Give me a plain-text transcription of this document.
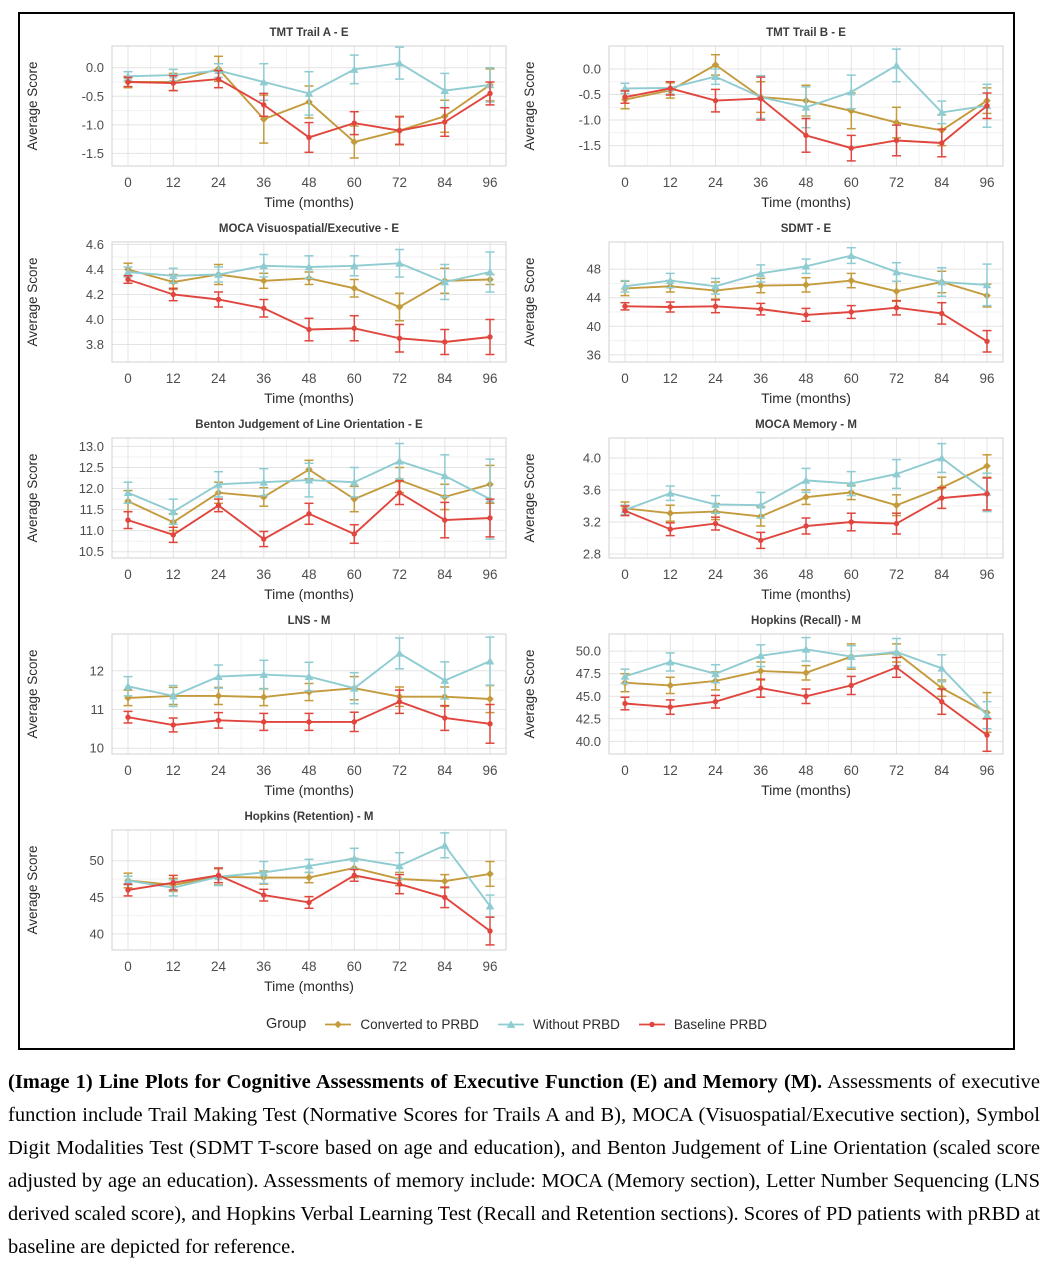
TMT Trail A - E
Average Score	0.0
-0.5
-1.0
-1.5
0	12 24 36 48 60 72 84 96
Time (months)
TMT Trail B - E
Average Score	0.0
-0.5
-1.0
-1.5
0	12 24 36 48 60 72 84 96
Time (months)
MOCA Visuospatial/Executive - E
Average Score
4.6
4.4
4.2
4.0
3.8
0	12 24 36 48 60 72 84 96
Time (months)
SDMT - E
Average Score	48
44
40
36
0	12 24 36 48 60 72 84 96
Time (months)
Benton Judgement of Line Orientation - E
Average Score
13.0
12.5
12.0
11.5
11.0
10.5
0	12 24 36 48 60 72 84 96
Time (months)
MOCA Memory - M
Average Score	4.0
3.6
3.2
2.8
0	12 24 36 48 60 72 84 96
Time (months)
LNS - M
Average Score	12
11
10
0	12 24 36 48 60 72 84 96
Time (months)
Hopkins (Recall) - M
Average Score	50.0
47.5
45.0
42.5
40.0
0	12 24 36 48 60 72 84 96
Time (months)
Hopkins (Retention) - M
Average Score	50
45
40
0	12 24 36 48 60 72 84 96
Time (months)
Group	Converted to PRBD	Without PRBD	Baseline PRBD
(Image 1) Line Plots for Cognitive Assessments of Executive Function (E) and Memory (M). Assessments of executive function include Trail Making Test (Normative Scores for Trails A and B), MOCA (Visuospatial/Executive section), Symbol Digit Modalities Test (SDMT T-score based on age and education), and Benton Judgement of Line Orientation (scaled score adjusted by age an education). Assessments of memory include: MOCA (Memory section), Letter Number Sequencing (LNS derived scaled score), and Hopkins Verbal Learning Test (Recall and Retention sections). Scores of PD patients with pRBD at baseline are depicted for reference.
